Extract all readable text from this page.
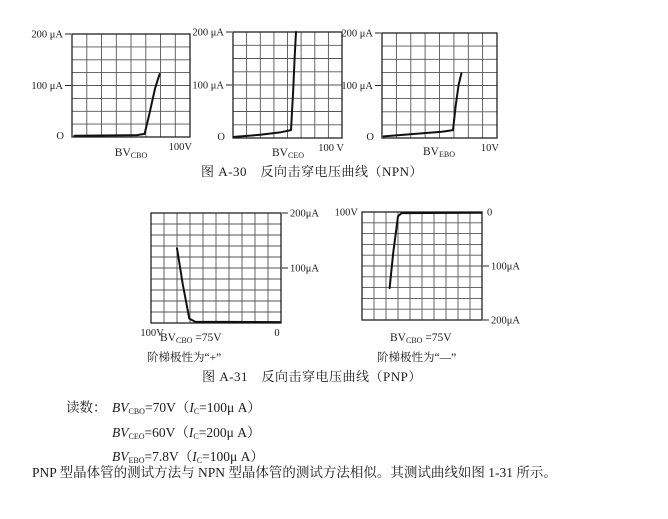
200 μA
100 μA
O
100V
200 μA
100 μA
O
100 V
200 μA
100 μA
O
10V
200μA
100μA
0
100V
100V	0
100μA
200μA
$BV_{CBO}$	$BV_{CEO}$	$BV_{EBO}$
$BV_{CBO} =75V$
阶梯极性为“+”
$BV_{CBO} =75V$
阶梯极性为“—”
图 A-30　反向击穿电压曲线（NPN）
图 A-31　反向击穿电压曲线（PNP）
读数： $BV_{CBO}=70V(I_C=100\mu$ A）
$BV_{CEO}=60V(I_C=200\mu$ A）
$BV_{EBO}=7.8V(I_C=100\mu$ A）

PNP 型晶体管的测试方法与 NPN 型晶体管的测试方法相似。其测试曲线如图 1-31 所示。
